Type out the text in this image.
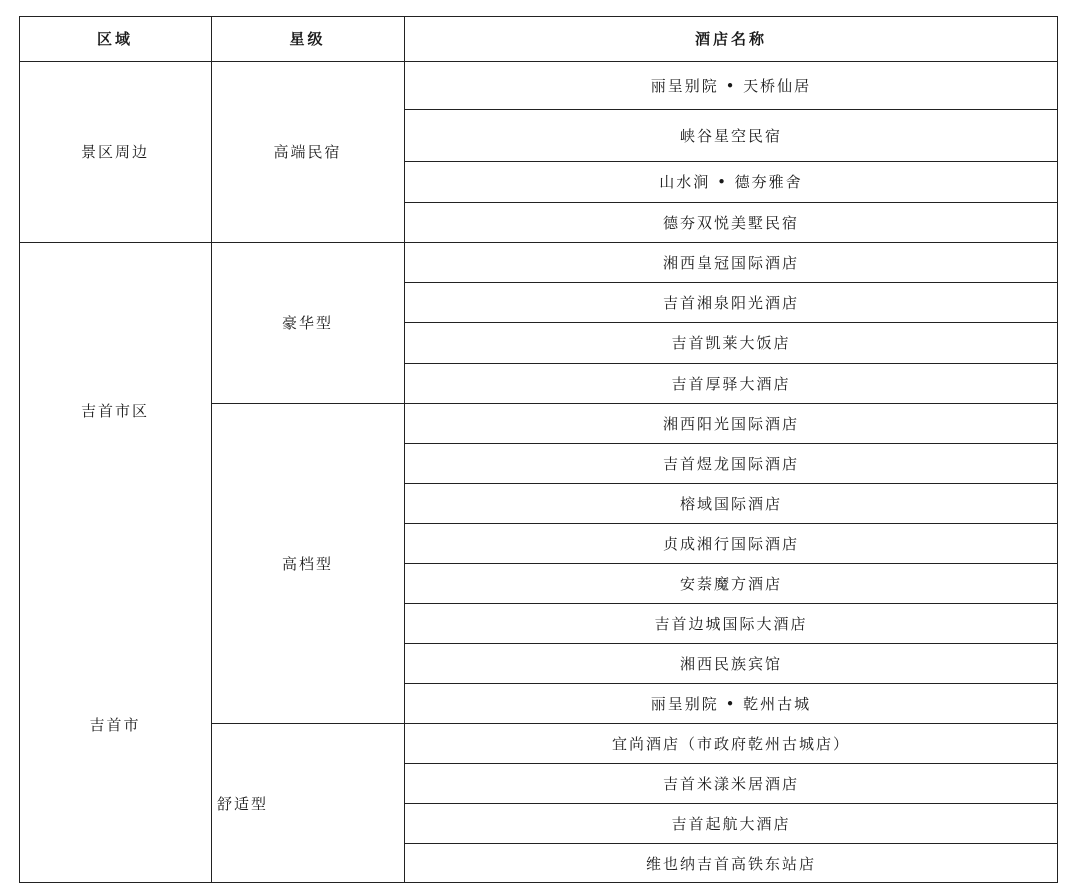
区域	星级	酒店名称
景区周边
吉首市区
吉首市
高端民宿
豪华型
高档型
舒适型
丽呈别院 • 天桥仙居
峡谷星空民宿
山水涧 • 德夯雅舍
德夯双悦美墅民宿
湘西皇冠国际酒店
吉首湘泉阳光酒店
吉首凯莱大饭店
吉首厚驿大酒店
湘西阳光国际酒店
吉首煜龙国际酒店
榕域国际酒店
贞成湘行国际酒店
安萘魔方酒店
吉首边城国际大酒店
湘西民族宾馆
丽呈别院 • 乾州古城
宜尚酒店（市政府乾州古城店）
吉首米漾米居酒店
吉首起航大酒店
维也纳吉首高铁东站店
